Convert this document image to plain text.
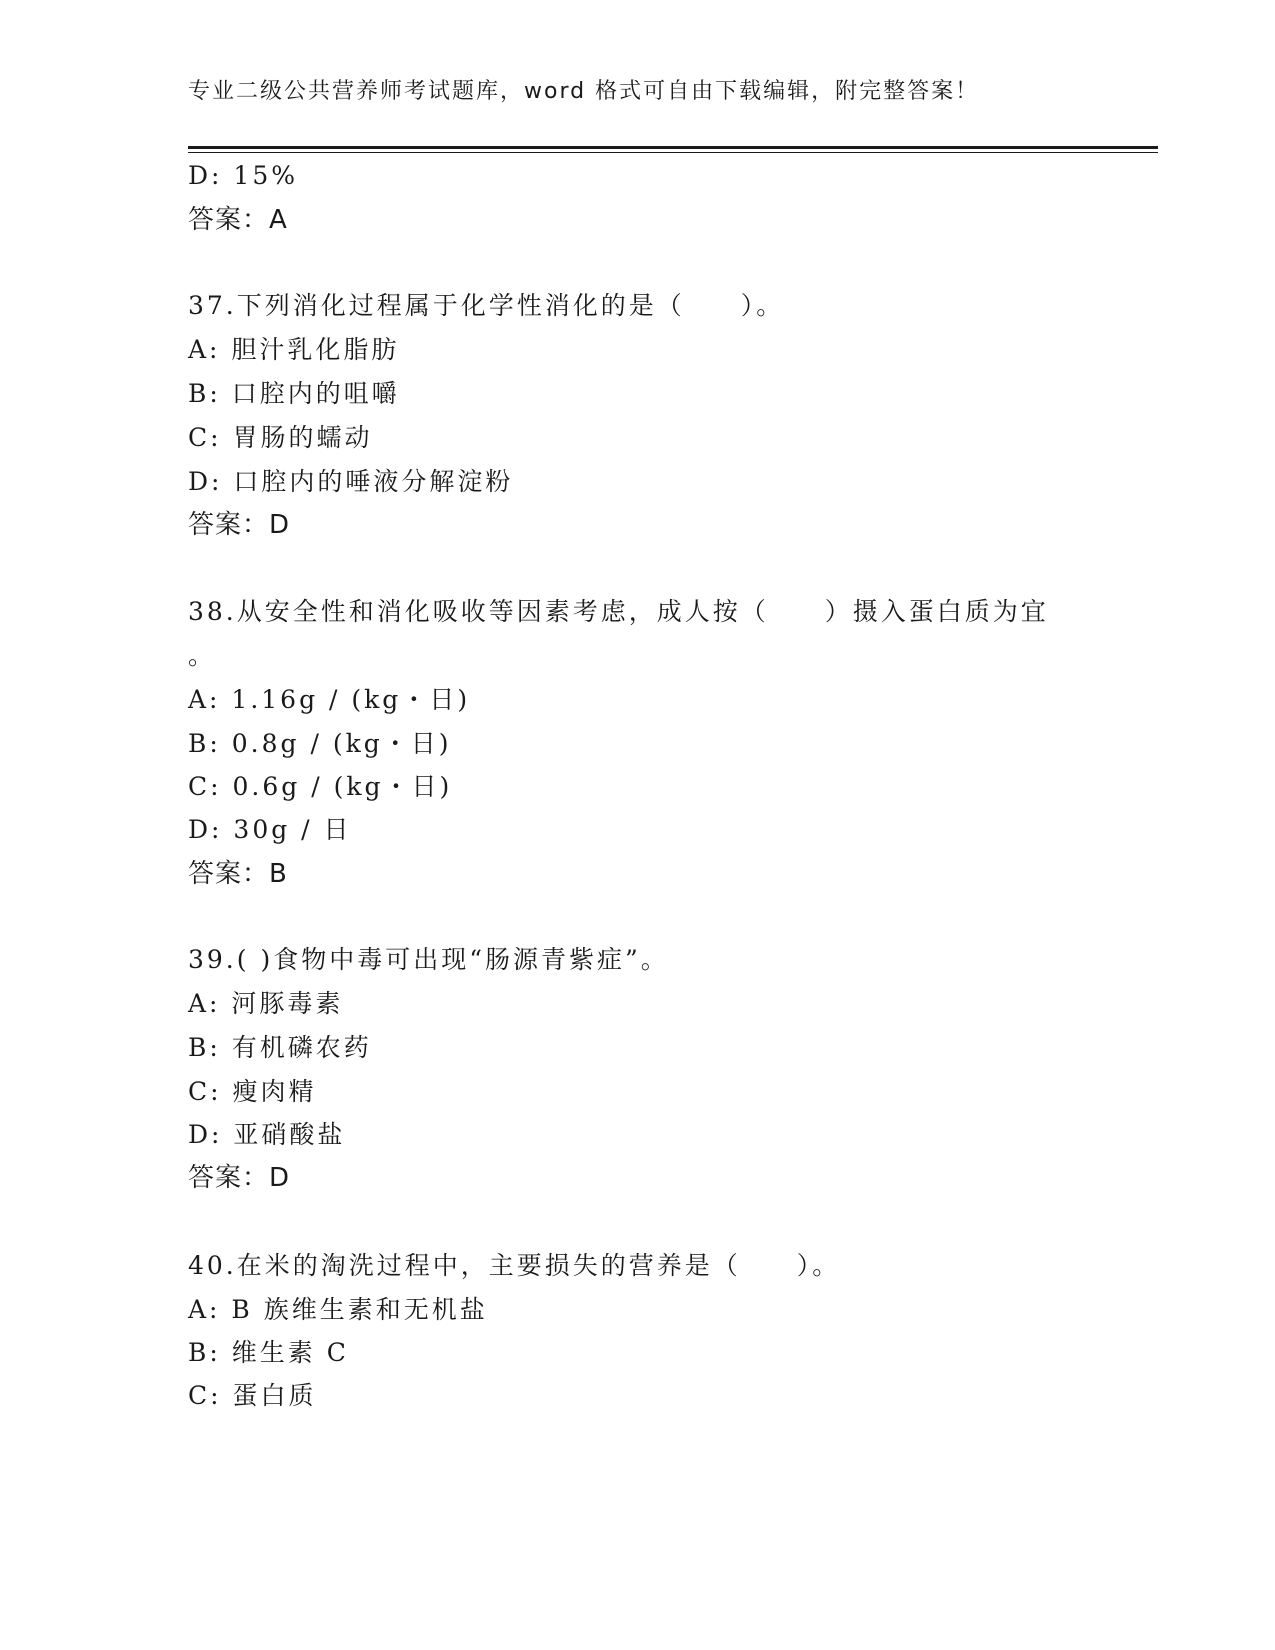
专业二级公共营养师考试题库，word 格式可自由下载编辑，附完整答案！
D: 15%
答案：A
37.下列消化过程属于化学性消化的是（　　）。
A: 胆汁乳化脂肪
B: 口腔内的咀嚼
C: 胃肠的蠕动
D: 口腔内的唾液分解淀粉
答案：D
38.从安全性和消化吸收等因素考虑，成人按（　　）摄入蛋白质为宜
。
A: 1.16g / (kg・日)
B: 0.8g / (kg・日)
C: 0.6g / (kg・日)
D: 30g / 日
答案：B
39.( )食物中毒可出现“肠源青紫症”。
A: 河豚毒素
B: 有机磷农药
C: 瘦肉精
D: 亚硝酸盐
答案：D
40.在米的淘洗过程中，主要损失的营养是（　　）。
A: B 族维生素和无机盐
B: 维生素 C
C: 蛋白质
